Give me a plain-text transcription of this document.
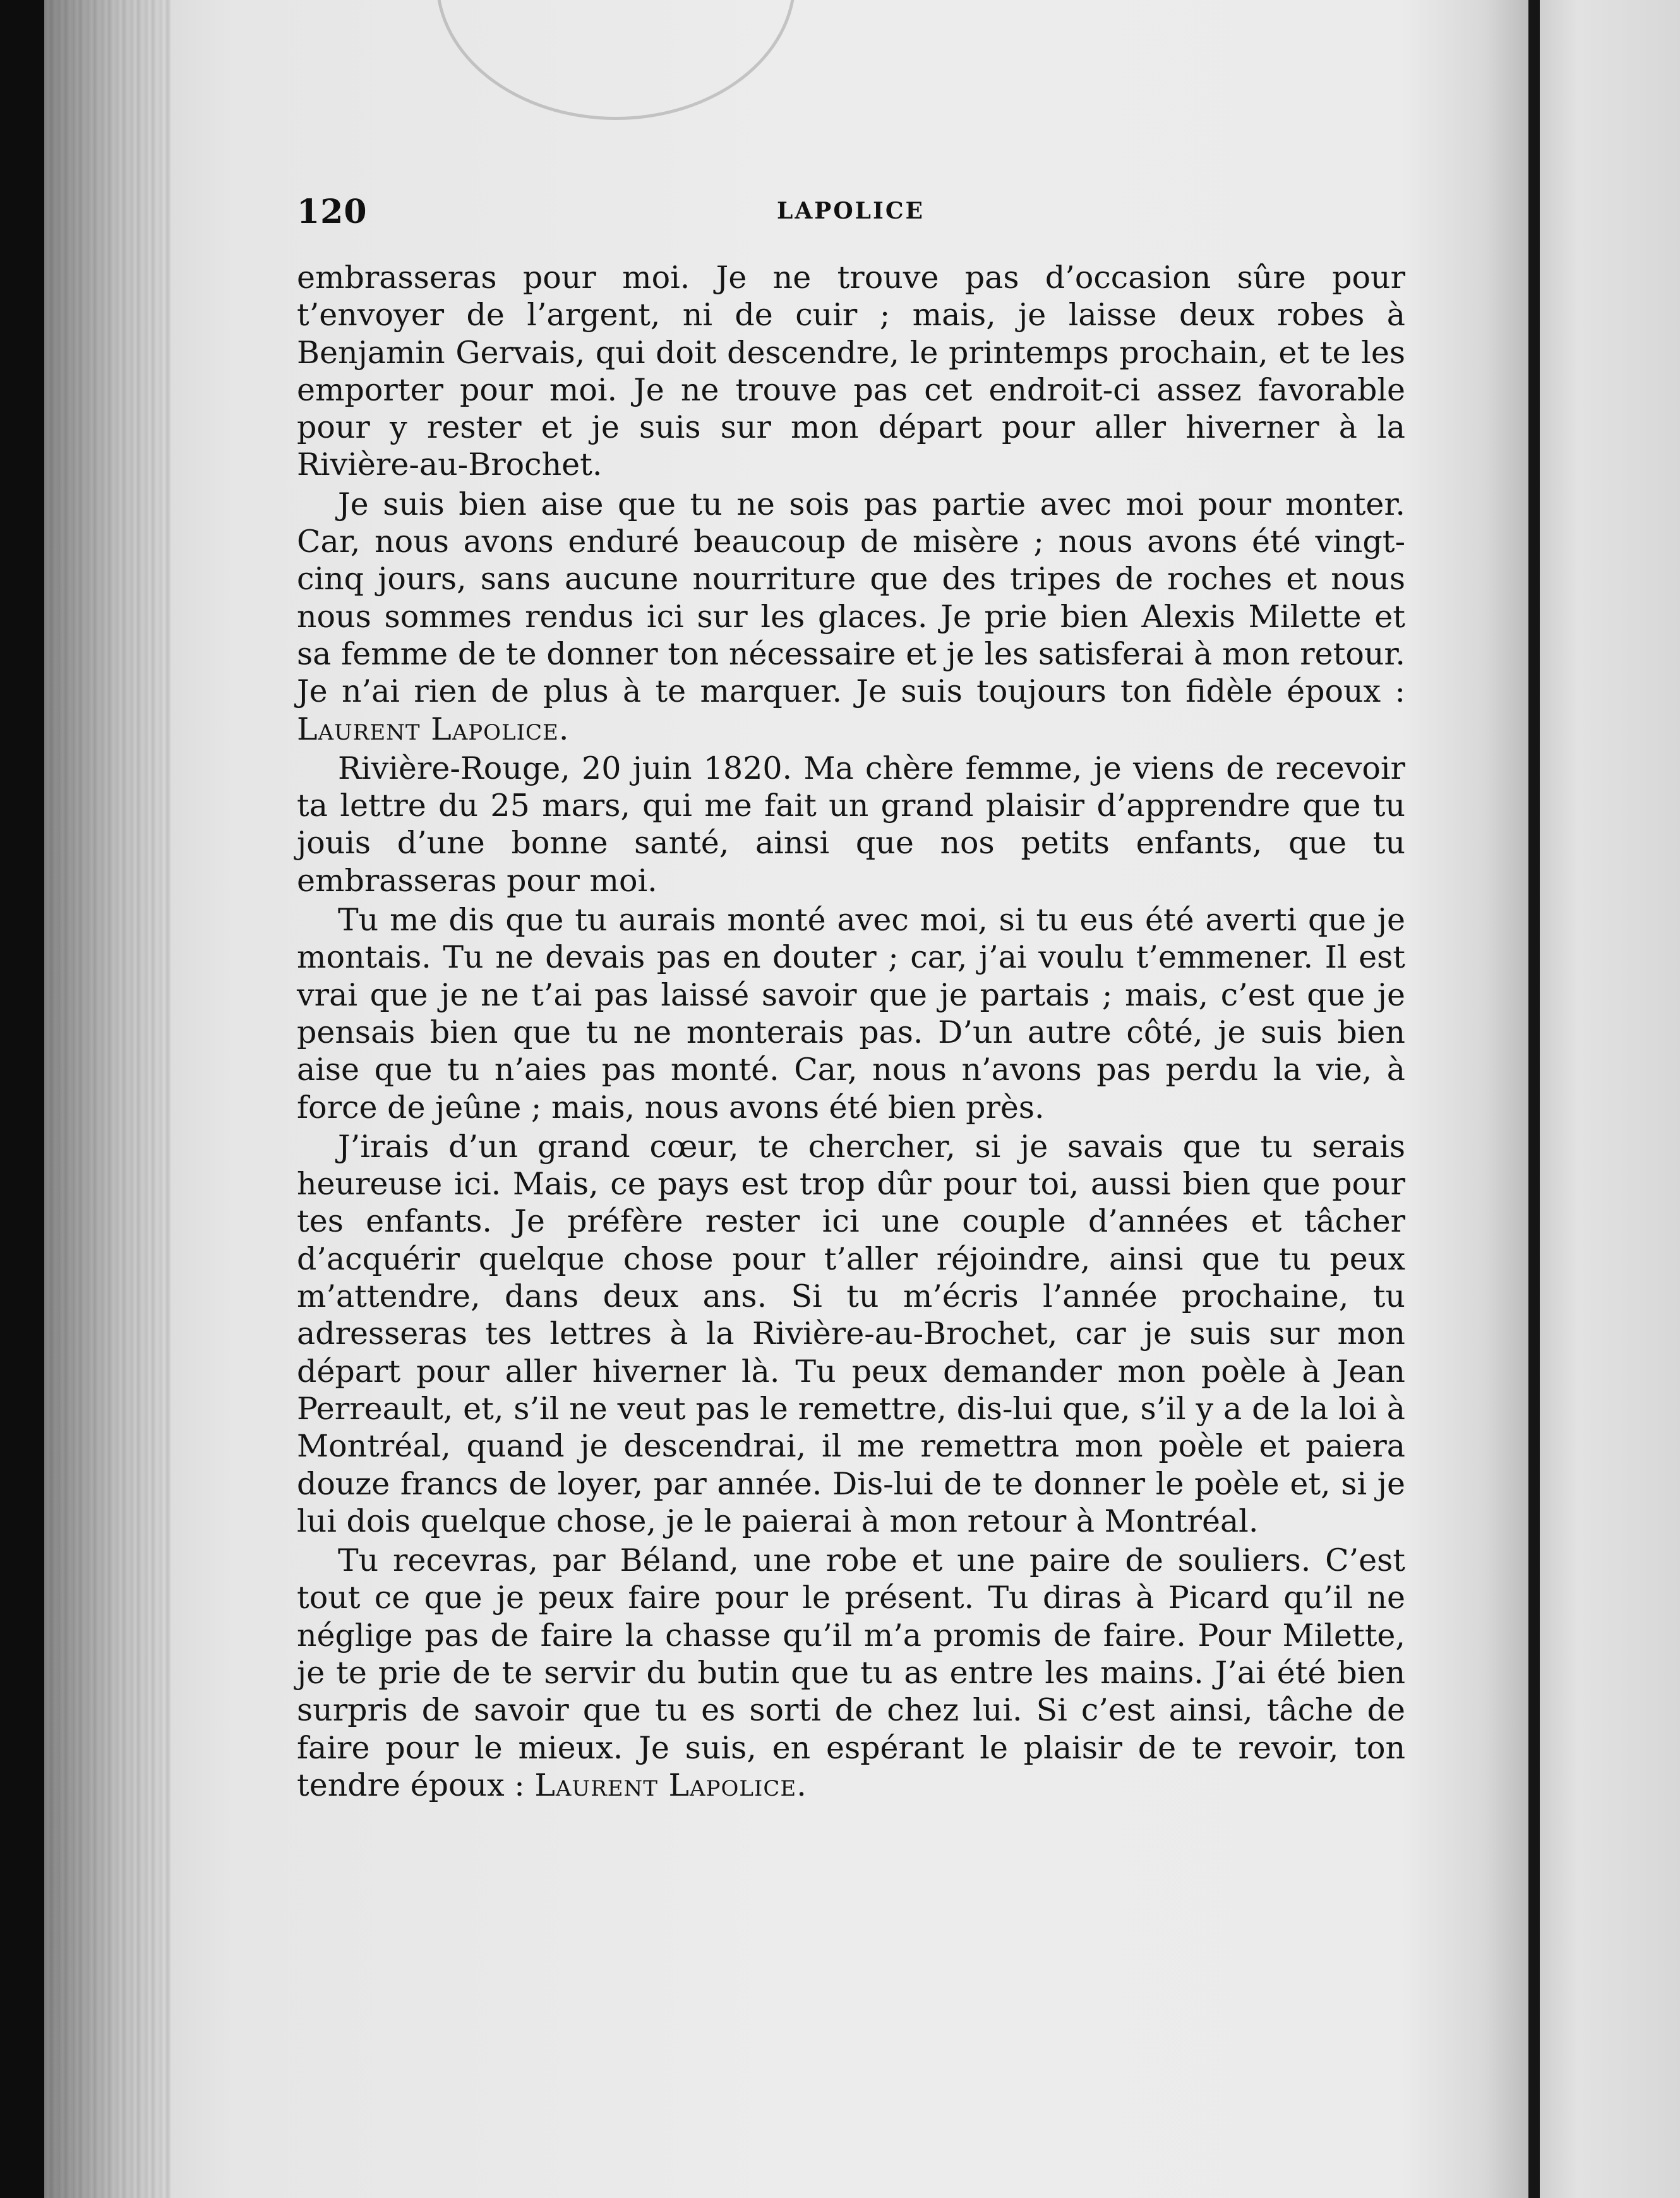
120	LAPOLICE

embrasseras pour moi. Je ne trouve pas d’occasion sûre pour t’envoyer de l’argent, ni de cuir ; mais, je laisse deux robes à Benjamin Gervais, qui doit descendre, le printemps prochain, et te les emporter pour moi. Je ne trouve pas cet endroit-ci assez favorable pour y rester et je suis sur mon départ pour aller hiverner à la Rivière-au-Brochet.

Je suis bien aise que tu ne sois pas partie avec moi pour monter. Car, nous avons enduré beaucoup de misère ; nous avons été vingt-cinq jours, sans aucune nourriture que des tripes de roches et nous nous sommes rendus ici sur les glaces. Je prie bien Alexis Milette et sa femme de te donner ton nécessaire et je les satisferai à mon retour. Je n’ai rien de plus à te marquer. Je suis toujours ton fidèle époux : Laurent Lapolice.

Rivière-Rouge, 20 juin 1820. Ma chère femme, je viens de recevoir ta lettre du 25 mars, qui me fait un grand plaisir d’apprendre que tu jouis d’une bonne santé, ainsi que nos petits enfants, que tu embrasseras pour moi.

Tu me dis que tu aurais monté avec moi, si tu eus été averti que je montais. Tu ne devais pas en douter ; car, j’ai voulu t’emmener. Il est vrai que je ne t’ai pas laissé savoir que je partais ; mais, c’est que je pensais bien que tu ne monterais pas. D’un autre côté, je suis bien aise que tu n’aies pas monté. Car, nous n’avons pas perdu la vie, à force de jeûne ; mais, nous avons été bien près.

J’irais d’un grand cœur, te chercher, si je savais que tu serais heureuse ici. Mais, ce pays est trop dûr pour toi, aussi bien que pour tes enfants. Je préfère rester ici une couple d’années et tâcher d’acquérir quelque chose pour t’aller réjoindre, ainsi que tu peux m’attendre, dans deux ans. Si tu m’écris l’année prochaine, tu adresseras tes lettres à la Rivière-au-Brochet, car je suis sur mon départ pour aller hiverner là. Tu peux demander mon poèle à Jean Perreault, et, s’il ne veut pas le remettre, dis-lui que, s’il y a de la loi à Montréal, quand je descendrai, il me remettra mon poèle et paiera douze francs de loyer, par année. Dis-lui de te donner le poèle et, si je lui dois quelque chose, je le paierai à mon retour à Montréal.

Tu recevras, par Béland, une robe et une paire de souliers. C’est tout ce que je peux faire pour le présent. Tu diras à Picard qu’il ne néglige pas de faire la chasse qu’il m’a promis de faire. Pour Milette, je te prie de te servir du butin que tu as entre les mains. J’ai été bien surpris de savoir que tu es sorti de chez lui. Si c’est ainsi, tâche de faire pour le mieux. Je suis, en espérant le plaisir de te revoir, ton tendre époux : Laurent Lapolice.
